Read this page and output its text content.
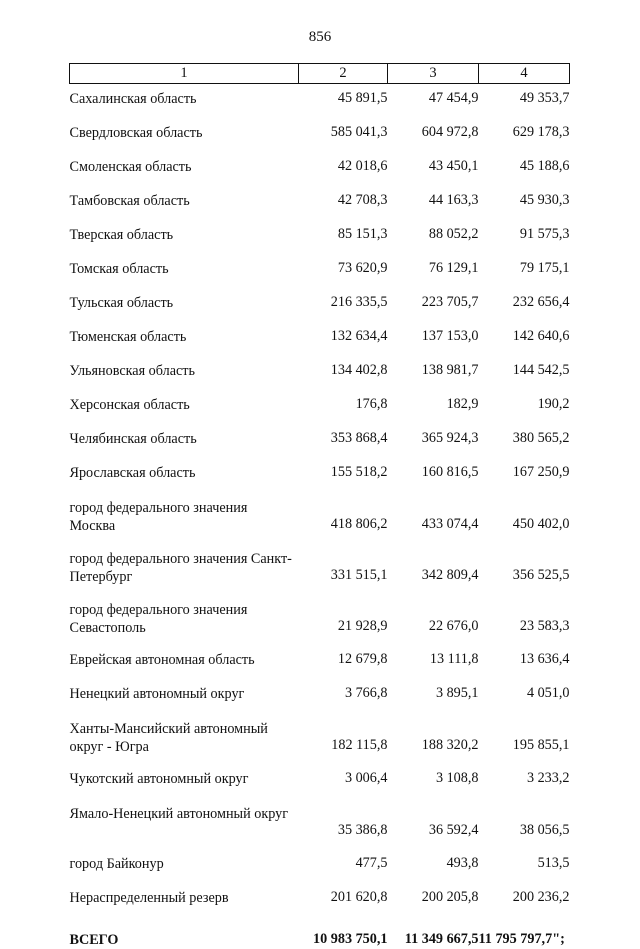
856
1	2	3	4
Сахалинская область	45 891,5	47 454,9	49 353,7
Свердловская область	585 041,3	604 972,8	629 178,3
Смоленская область	42 018,6	43 450,1	45 188,6
Тамбовская область	42 708,3	44 163,3	45 930,3
Тверская область	85 151,3	88 052,2	91 575,3
Томская область	73 620,9	76 129,1	79 175,1
Тульская область	216 335,5	223 705,7	232 656,4
Тюменская область	132 634,4	137 153,0	142 640,6
Ульяновская область	134 402,8	138 981,7	144 542,5
Херсонская область	176,8	182,9	190,2
Челябинская область	353 868,4	365 924,3	380 565,2
Ярославская область	155 518,2	160 816,5	167 250,9
город федерального значения Москва	418 806,2	433 074,4	450 402,0
город федерального значения Санкт-Петербург	331 515,1	342 809,4	356 525,5
город федерального значения Севастополь	21 928,9	22 676,0	23 583,3
Еврейская автономная область	12 679,8	13 111,8	13 636,4
Ненецкий автономный округ	3 766,8	3 895,1	4 051,0
Ханты-Мансийский автономный округ - Югра	182 115,8	188 320,2	195 855,1
Чукотский автономный округ	3 006,4	3 108,8	3 233,2
Ямало-Ненецкий автономный округ	35 386,8	36 592,4	38 056,5
город Байконур	477,5	493,8	513,5
Нераспределенный резерв	201 620,8	200 205,8	200 236,2
ВСЕГО	10 983 750,1	11 349 667,5	11 795 797,7";
